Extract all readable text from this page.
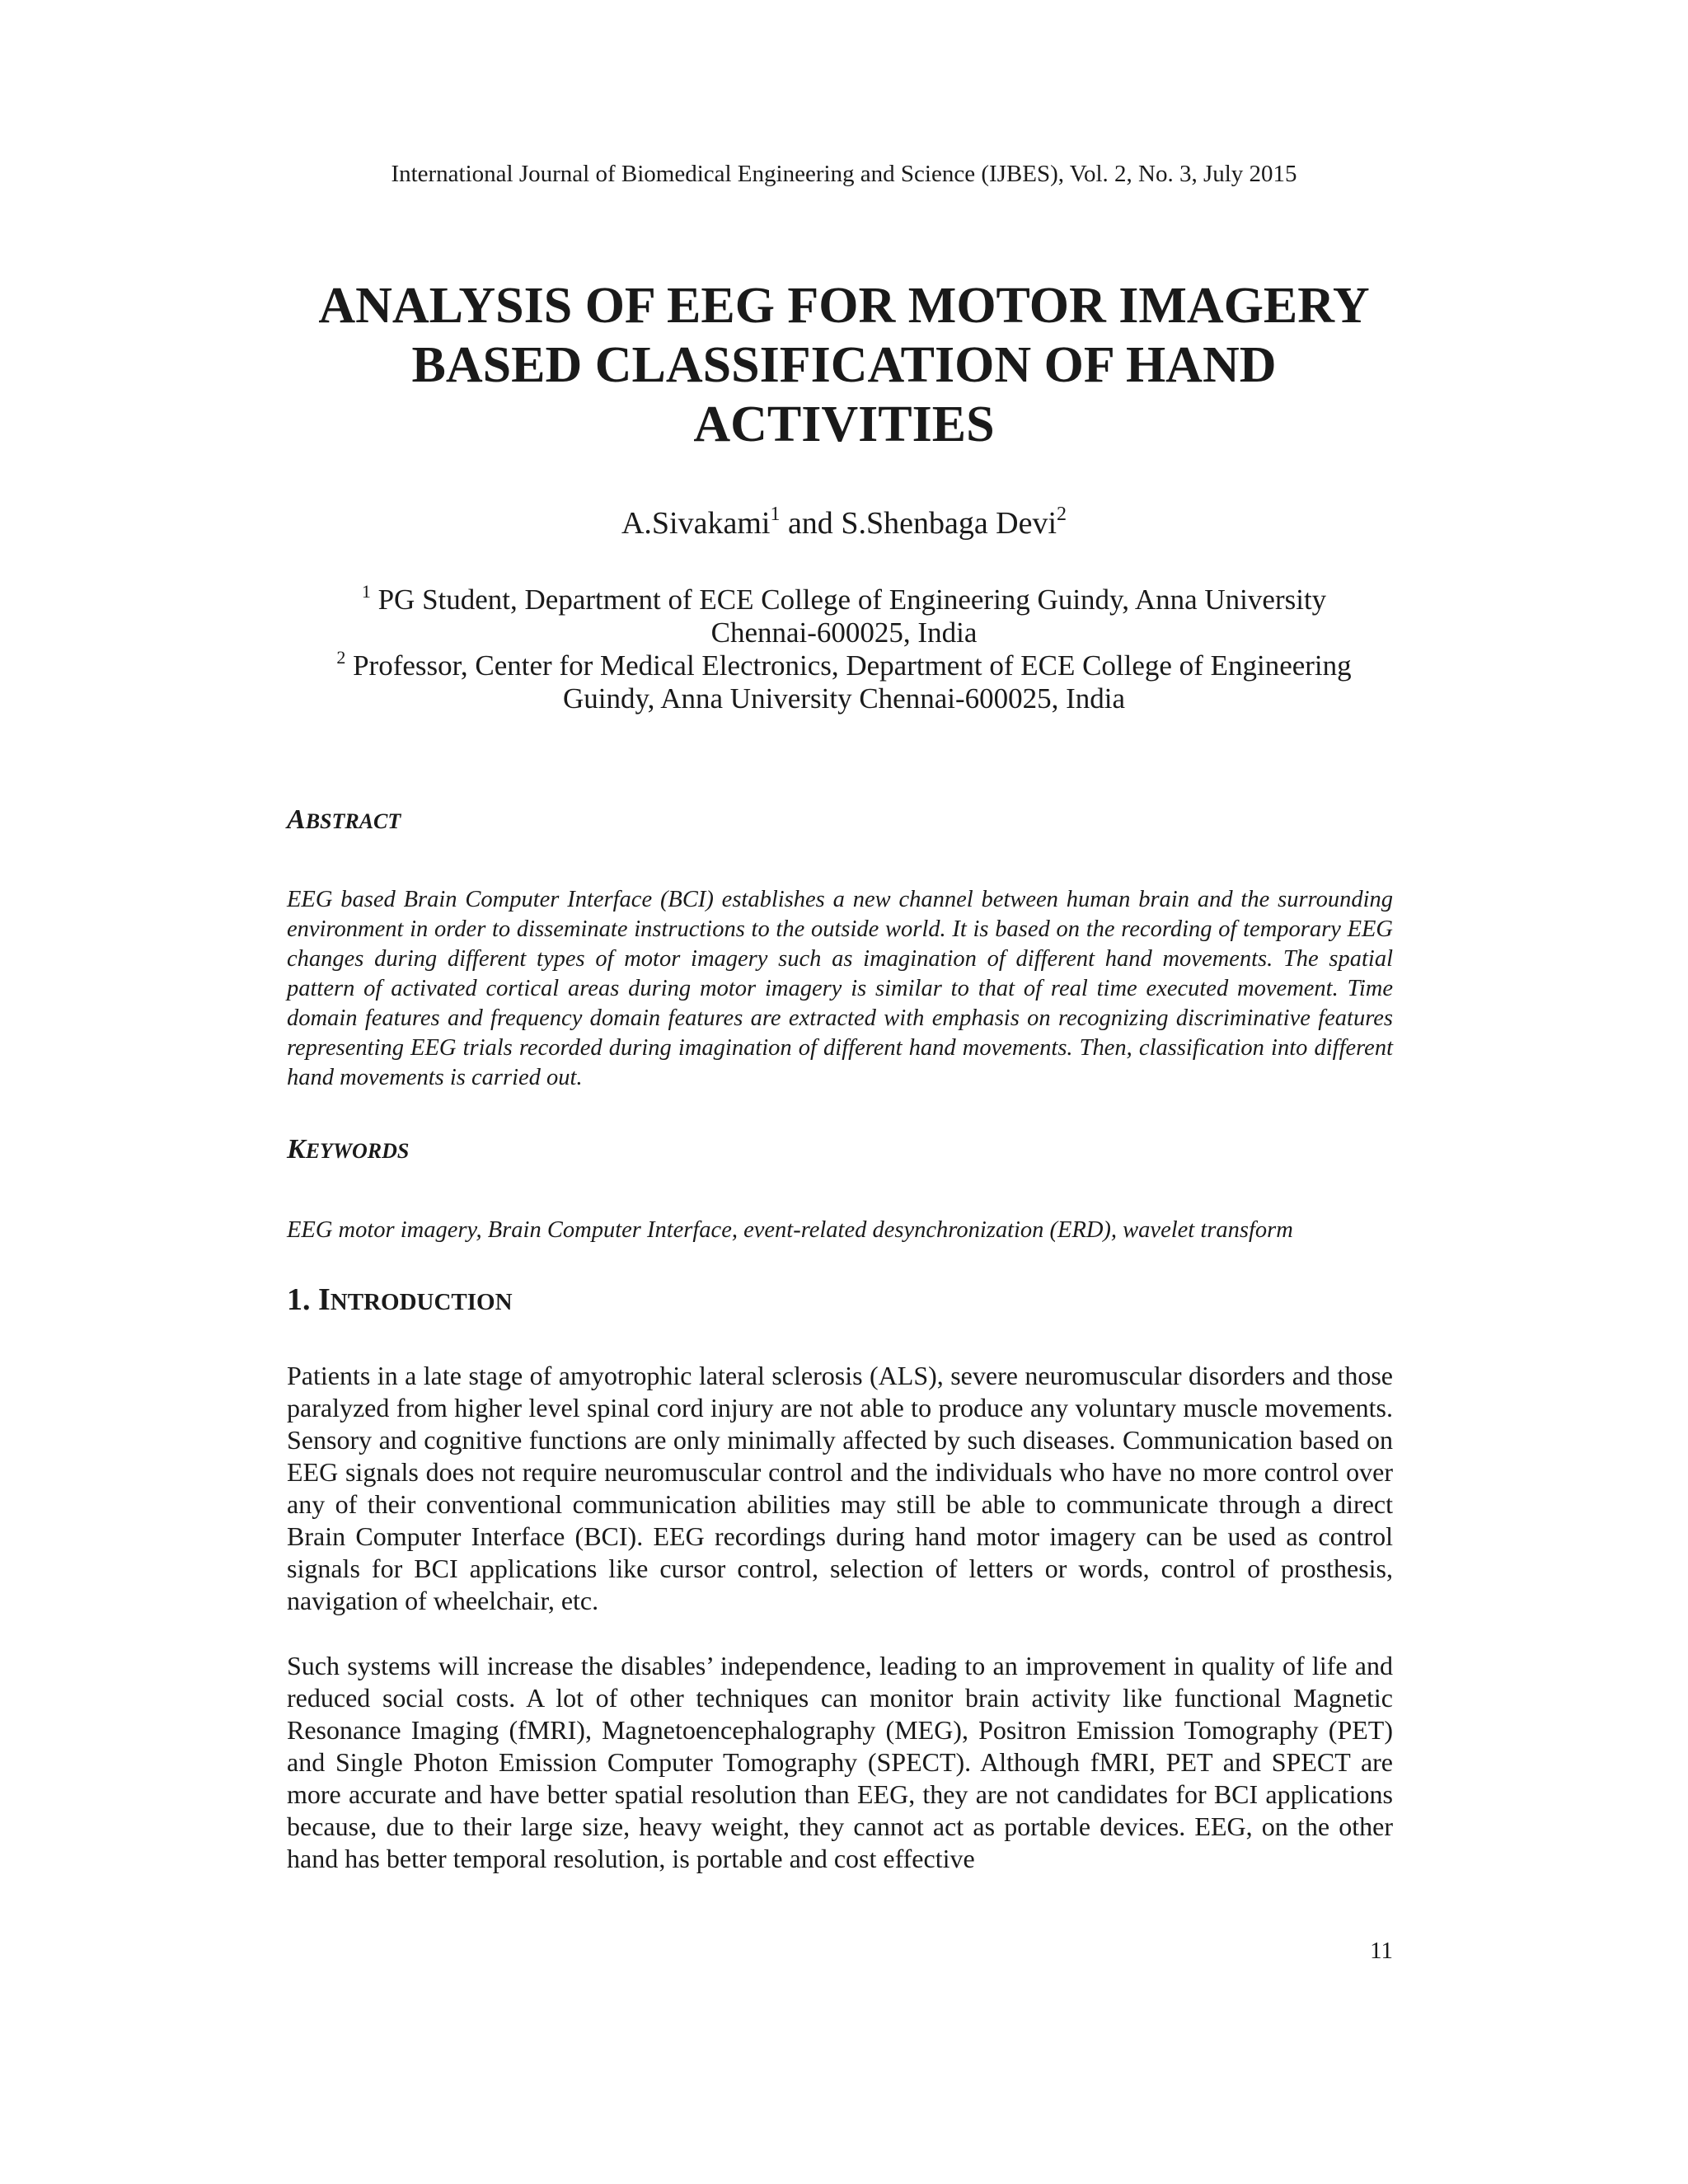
International Journal of Biomedical Engineering and Science (IJBES), Vol. 2, No. 3, July 2015
ANALYSIS OF EEG FOR MOTOR IMAGERY
BASED CLASSIFICATION OF HAND
ACTIVITIES
A.Sivakami$^1$ and S.Shenbaga Devi$^2$
$^1$ PG Student, Department of ECE College of Engineering Guindy, Anna University
Chennai-600025, India
$^2$ Professor, Center for Medical Electronics, Department of ECE College of Engineering
Guindy, Anna University Chennai-600025, India
ABSTRACT

EEG based Brain Computer Interface (BCI) establishes a new channel between human brain and the surrounding environment in order to disseminate instructions to the outside world. It is based on the recording of temporary EEG changes during different types of motor imagery such as imagination of different hand movements. The spatial pattern of activated cortical areas during motor imagery is similar to that of real time executed movement. Time domain features and frequency domain features are extracted with emphasis on recognizing discriminative features representing EEG trials recorded during imagination of different hand movements. Then, classification into different hand movements is carried out.

KEYWORDS

EEG motor imagery, Brain Computer Interface, event-related desynchronization (ERD), wavelet transform

1. INTRODUCTION

Patients in a late stage of amyotrophic lateral sclerosis (ALS), severe neuromuscular disorders and those paralyzed from higher level spinal cord injury are not able to produce any voluntary muscle movements. Sensory and cognitive functions are only minimally affected by such diseases. Communication based on EEG signals does not require neuromuscular control and the individuals who have no more control over any of their conventional communication abilities may still be able to communicate through a direct Brain Computer Interface (BCI). EEG recordings during hand motor imagery can be used as control signals for BCI applications like cursor control, selection of letters or words, control of prosthesis, navigation of wheelchair, etc.

Such systems will increase the disables’ independence, leading to an improvement in quality of life and reduced social costs. A lot of other techniques can monitor brain activity like functional Magnetic Resonance Imaging (fMRI), Magnetoencephalography (MEG), Positron Emission Tomography (PET) and Single Photon Emission Computer Tomography (SPECT). Although fMRI, PET and SPECT are more accurate and have better spatial resolution than EEG, they are not candidates for BCI applications because, due to their large size, heavy weight, they cannot act as portable devices. EEG, on the other hand has better temporal resolution, is portable and cost effective

11
